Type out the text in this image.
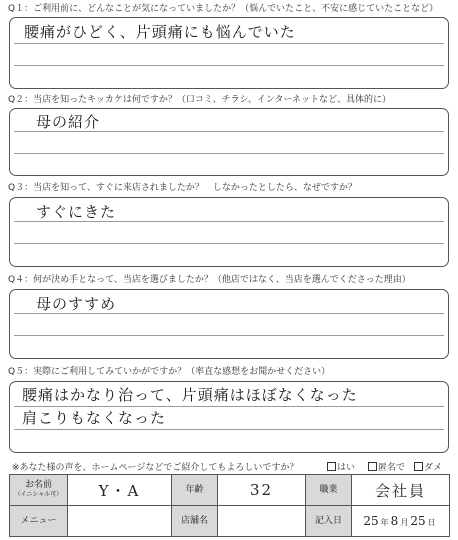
Q１：ご利用前に、どんなことが気になっていましたか？（悩んでいたこと、不安に感じていたことなど）
腰痛がひどく、片頭痛にも悩んでいた
Q２：当店を知ったキッカケは何ですか？（口コミ、チラシ、インターネットなど、具体的に）
母の紹介
Q３：当店を知って、すぐに来店されましたか？　しなかったとしたら、なぜですか？
すぐにきた
Q４：何が決め手となって、当店を選びましたか？（他店ではなく、当店を選んでくださった理由）
母のすすめ
Q５：実際にご利用してみていかがですか？（率直な感想をお聞かせください）
腰痛はかなり治って、片頭痛はほぼなくなった
肩こりもなくなった
※あなた様の声を、ホームページなどでご紹介してもよろしいですか？	はい	匿名で	ダメ
お名前
（イニシャル可）	Y・A	年齢	32	職業	会社員

メニュー		店舗名		記入日	25 年 8 月 25 日
